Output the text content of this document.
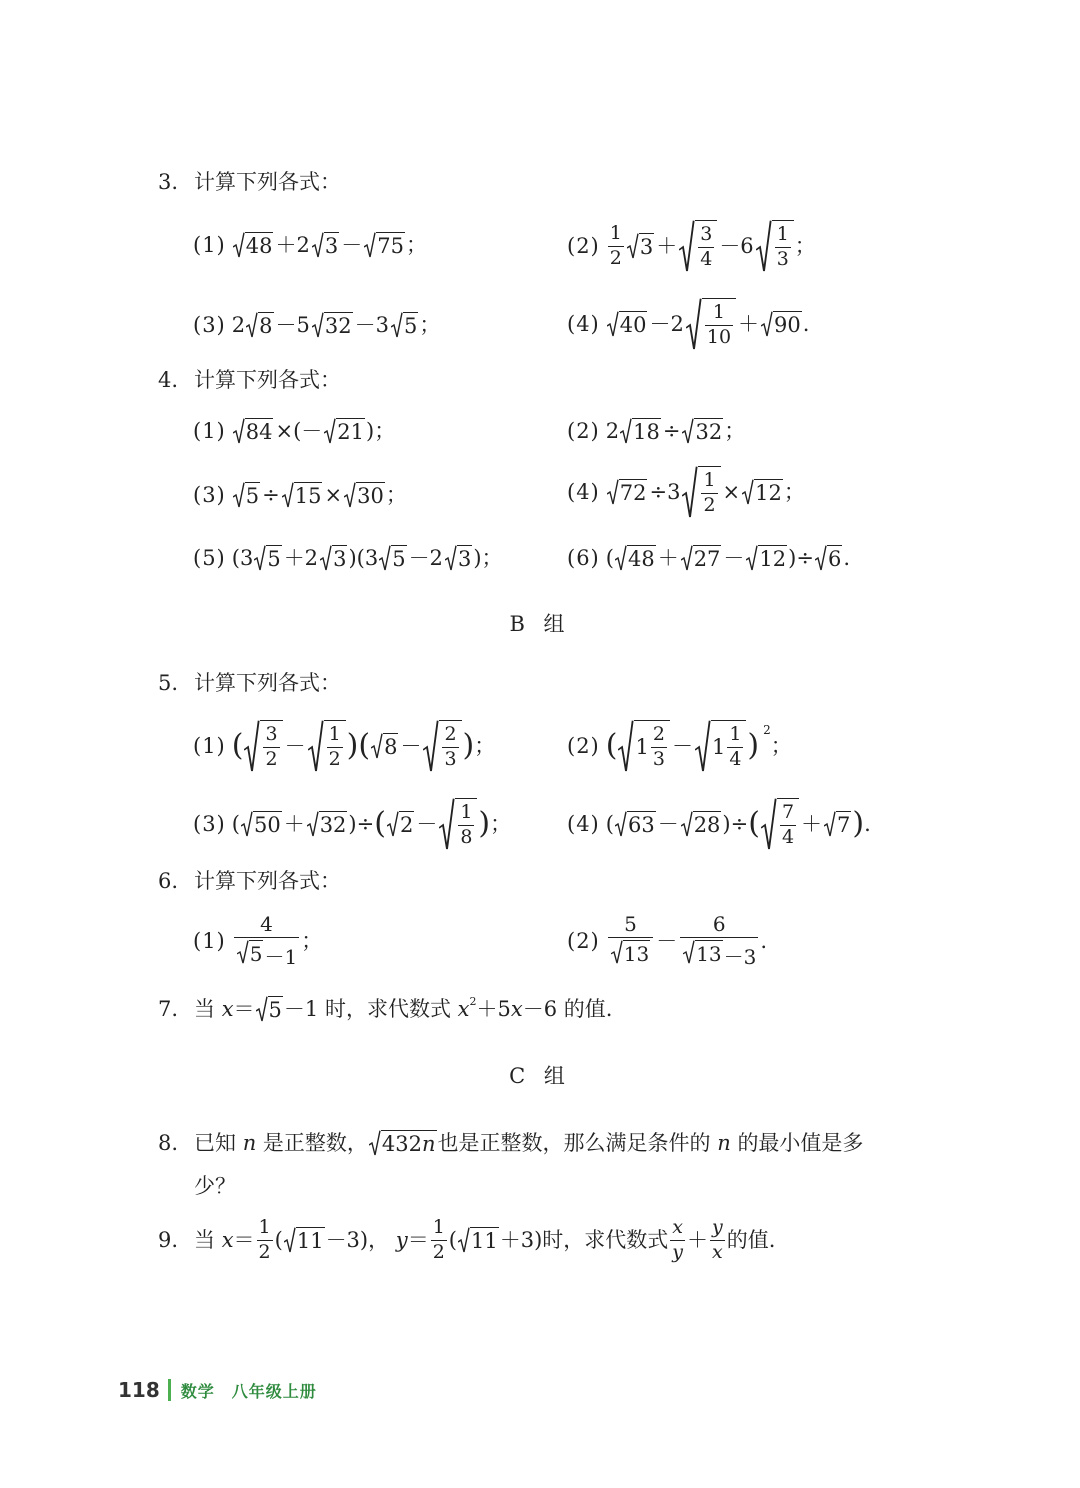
3. 计算下列各式：
(1) 48 ＋2 3 － 75 ；	(2)
1
2 3 ＋ 3
4
－6 1
3
；
(3) 2 8 －5 32 －3 5 ；	(4) 40 －2 1
10
＋ 90 .
4. 计算下列各式：
(1) 84 ×(－ 21 )；	(2) 2 18 ÷ 32 ；
(3) 5 ÷ 15 × 30 ；	(4) 72 ÷3 1
2
× 12 ；
(5) (3 5 ＋2 3 )(3 5 －2 3 )；	(6) ( 48 ＋ 27 － 12 )÷ 6 .
B 组
5. 计算下列各式：
(1) ( 3
2
－ 1
2 )( 8 － 2
3 ) ；	(2) ( 1
2
3
－ 1
1
4 ) 2
；
(3) ( 50 ＋ 32 )÷ ( 2 － 1
8 ) ；	(4) ( 63 － 28 )÷ ( 7
4
＋ 7 ) .
6. 计算下列各式：
(1)
4
5 －1
；	(2)
5
13
－
6
13 －3
.
7. 当
x ＝ 5 －1
时，求代数式
x 2 ＋5 x －6 的值.
C 组
8. 已知
n
是正整数， 432 n 也是正整数，那么满足条件的
n
的最小值是多
少？
9. 当
x ＝
1
2 ( 11 －3)，
y ＝
1
2 ( 11 ＋3)时，求代数式
x
y ＋
y
x 的值.
118 数学　八年级上册
